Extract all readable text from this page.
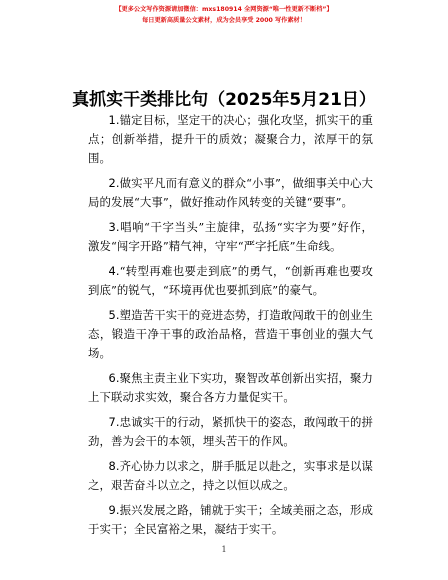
【更多公文写作资源请加微信：mxs180914 全网资源“唯一性更新不断档”】
每日更新高质量公文素材，成为会员享受 2000 写作素材！
真抓实干类排比句（2025年5月21日）

1.锚定目标，坚定干的决心；强化攻坚，抓实干的重点；创新举措，提升干的质效；凝聚合力，浓厚干的氛围。

2.做实平凡而有意义的群众“小事”，做细事关中心大局的发展“大事”，做好推动作风转变的关键“要事”。

3.唱响“干字当头”主旋律，弘扬“实字为要”好作，激发“闯字开路”精气神，守牢“严字托底”生命线。

4.“转型再难也要走到底”的勇气，“创新再难也要攻到底”的锐气，“环境再优也要抓到底”的豪气。

5.塑造苦干实干的竞进态势，打造敢闯敢干的创业生态，锻造干净干事的政治品格，营造干事创业的强大气场。

6.聚焦主责主业下实功，聚智改革创新出实招，聚力上下联动求实效，聚合各方力量促实干。

7.忠诚实干的行动，紧抓快干的姿态，敢闯敢干的拼劲，善为会干的本领，埋头苦干的作风。

8.齐心协力以求之，胼手胝足以赴之，实事求是以谋之，艰苦奋斗以立之，持之以恒以成之。

9.振兴发展之路，铺就于实干；全域美丽之态，形成于实干；全民富裕之果，凝结于实干。

1
